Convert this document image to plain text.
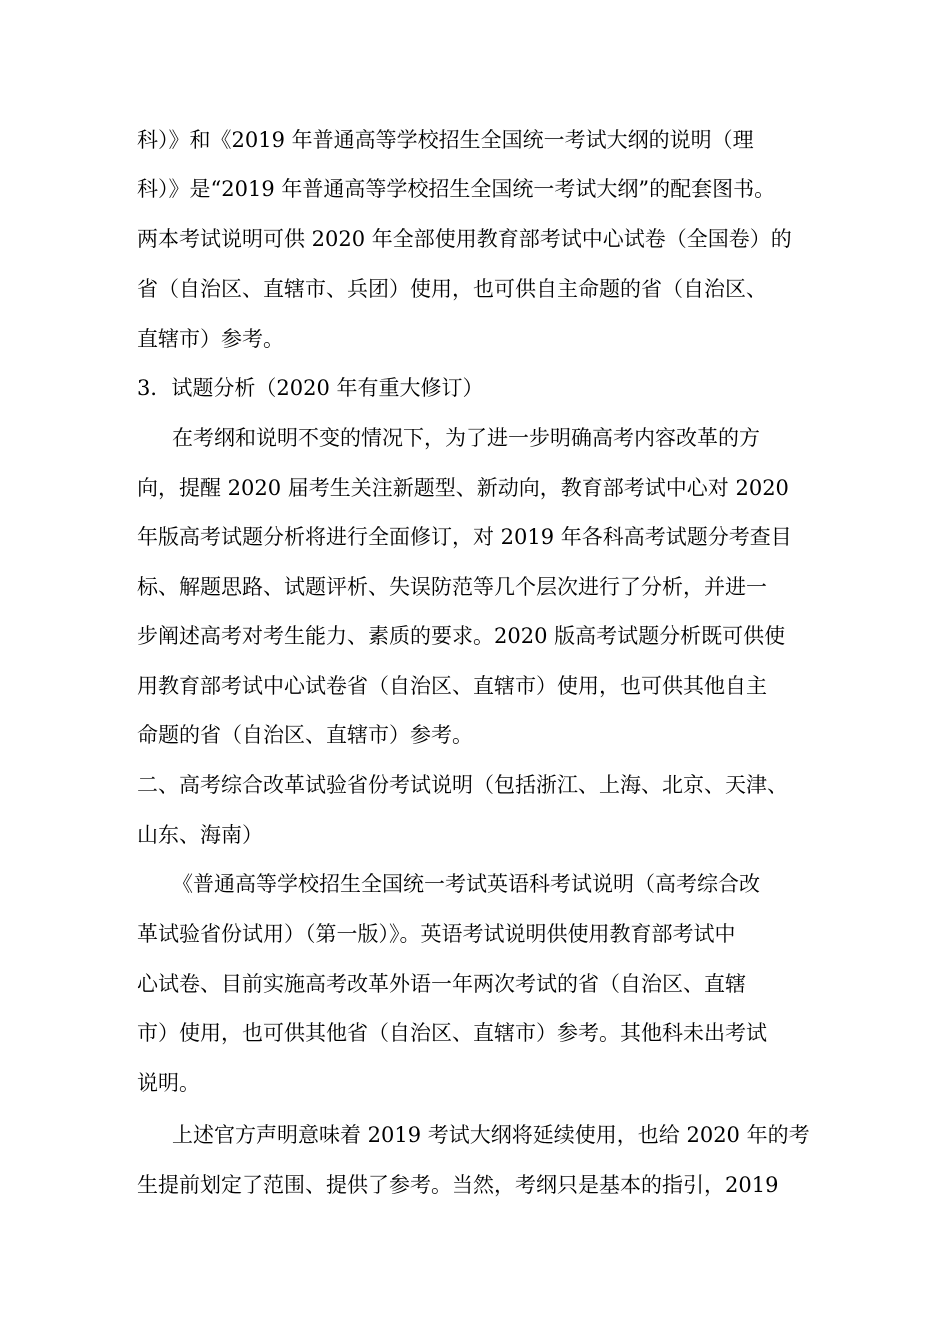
科）》和《2019 年普通高等学校招生全国统一考试大纲的说明（理
科）》是“2019 年普通高等学校招生全国统一考试大纲”的配套图书。
两本考试说明可供 2020 年全部使用教育部考试中心试卷（全国卷）的
省（自治区、直辖市、兵团）使用，也可供自主命题的省（自治区、
直辖市）参考。
3．试题分析（2020 年有重大修订）
在考纲和说明不变的情况下，为了进一步明确高考内容改革的方
向，提醒 2020 届考生关注新题型、新动向，教育部考试中心对 2020
年版高考试题分析将进行全面修订，对 2019 年各科高考试题分考查目
标、解题思路、试题评析、失误防范等几个层次进行了分析，并进一
步阐述高考对考生能力、素质的要求。2020 版高考试题分析既可供使
用教育部考试中心试卷省（自治区、直辖市）使用，也可供其他自主
命题的省（自治区、直辖市）参考。
二、高考综合改革试验省份考试说明（包括浙江、上海、北京、天津、
山东、海南）
《普通高等学校招生全国统一考试英语科考试说明（高考综合改
革试验省份试用）（第一版）》。英语考试说明供使用教育部考试中
心试卷、目前实施高考改革外语一年两次考试的省（自治区、直辖
市）使用，也可供其他省（自治区、直辖市）参考。其他科未出考试
说明。
上述官方声明意味着 2019 考试大纲将延续使用，也给 2020 年的考
生提前划定了范围、提供了参考。当然，考纲只是基本的指引，2019
